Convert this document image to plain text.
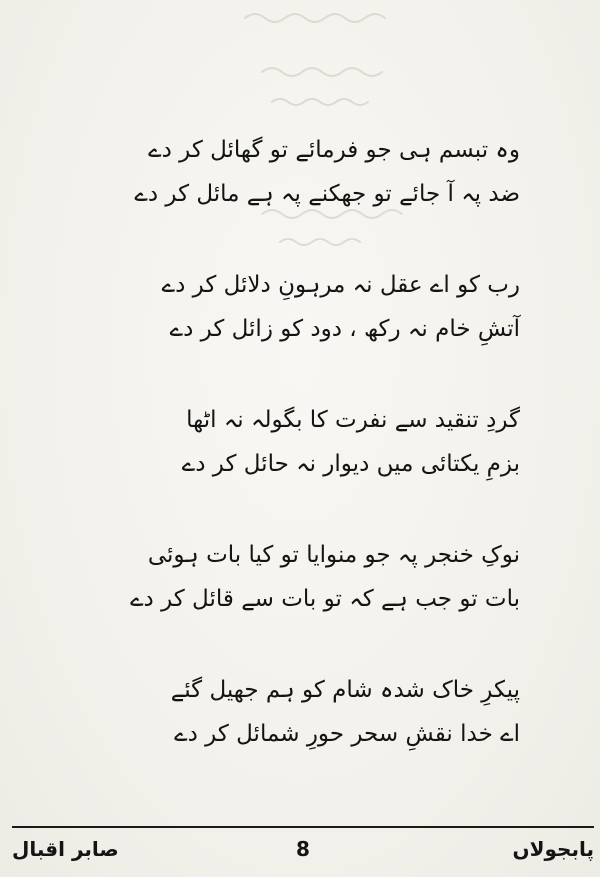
وہ تبسم ہی جو فرمائے تو گھائل کر دے
ضد پہ آ جائے تو جھکنے پہ ہے مائل کر دے
رب کو اے عقل نہ مرہونِ دلائل کر دے
آتشِ خام نہ رکھ ، دود کو زائل کر دے
گردِ تنقید سے نفرت کا بگولہ نہ اٹھا
بزمِ یکتائی میں دیوار نہ حائل کر دے
نوکِ خنجر پہ جو منوایا تو کیا بات ہوئی
بات تو جب ہے کہ تو بات سے قائل کر دے
پیکرِ خاک شدہ شام کو ہم جھیل گئے
اے خدا نقشِ سحر حورِ شمائل کر دے
صابر اقبال	8	پابجولاں
